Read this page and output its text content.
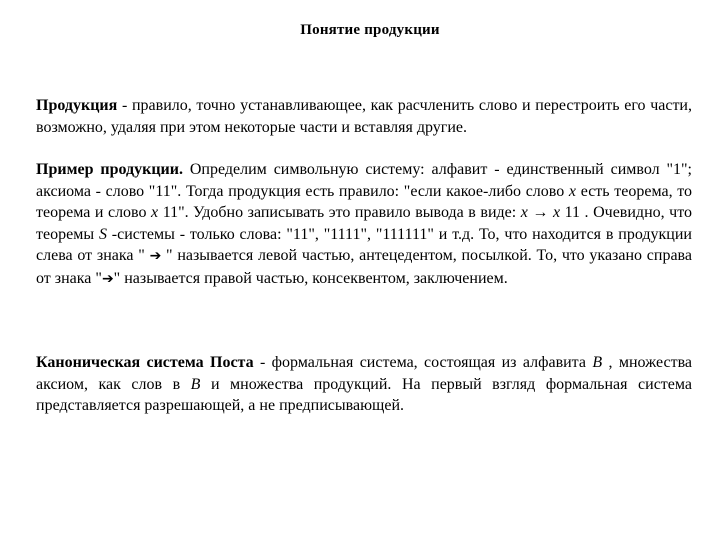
Понятие продукции
Продукция - правило, точно устанавливающее, как расчленить слово и перестроить его части, возможно, удаляя при этом некоторые части и вставляя другие.
Пример продукции. Определим символьную систему: алфавит - единственный символ "1"; аксиома - слово "11". Тогда продукция есть правило: "если какое-либо слово x есть теорема, то теорема и слово x 11". Удобно записывать это правило вывода в виде: x → x 11 . Очевидно, что теоремы S -системы - только слова: "11", "1111", "111111" и т.д. То, что находится в продукции слева от знака " ➔ " называется левой частью, антецедентом, посылкой. То, что указано справа от знака "➔" называется правой частью, консеквентом, заключением.
Каноническая система Поста - формальная система, состоящая из алфавита B , множества аксиом, как слов в B и множества продукций. На первый взгляд формальная система представляется разрешающей, а не предписывающей.
